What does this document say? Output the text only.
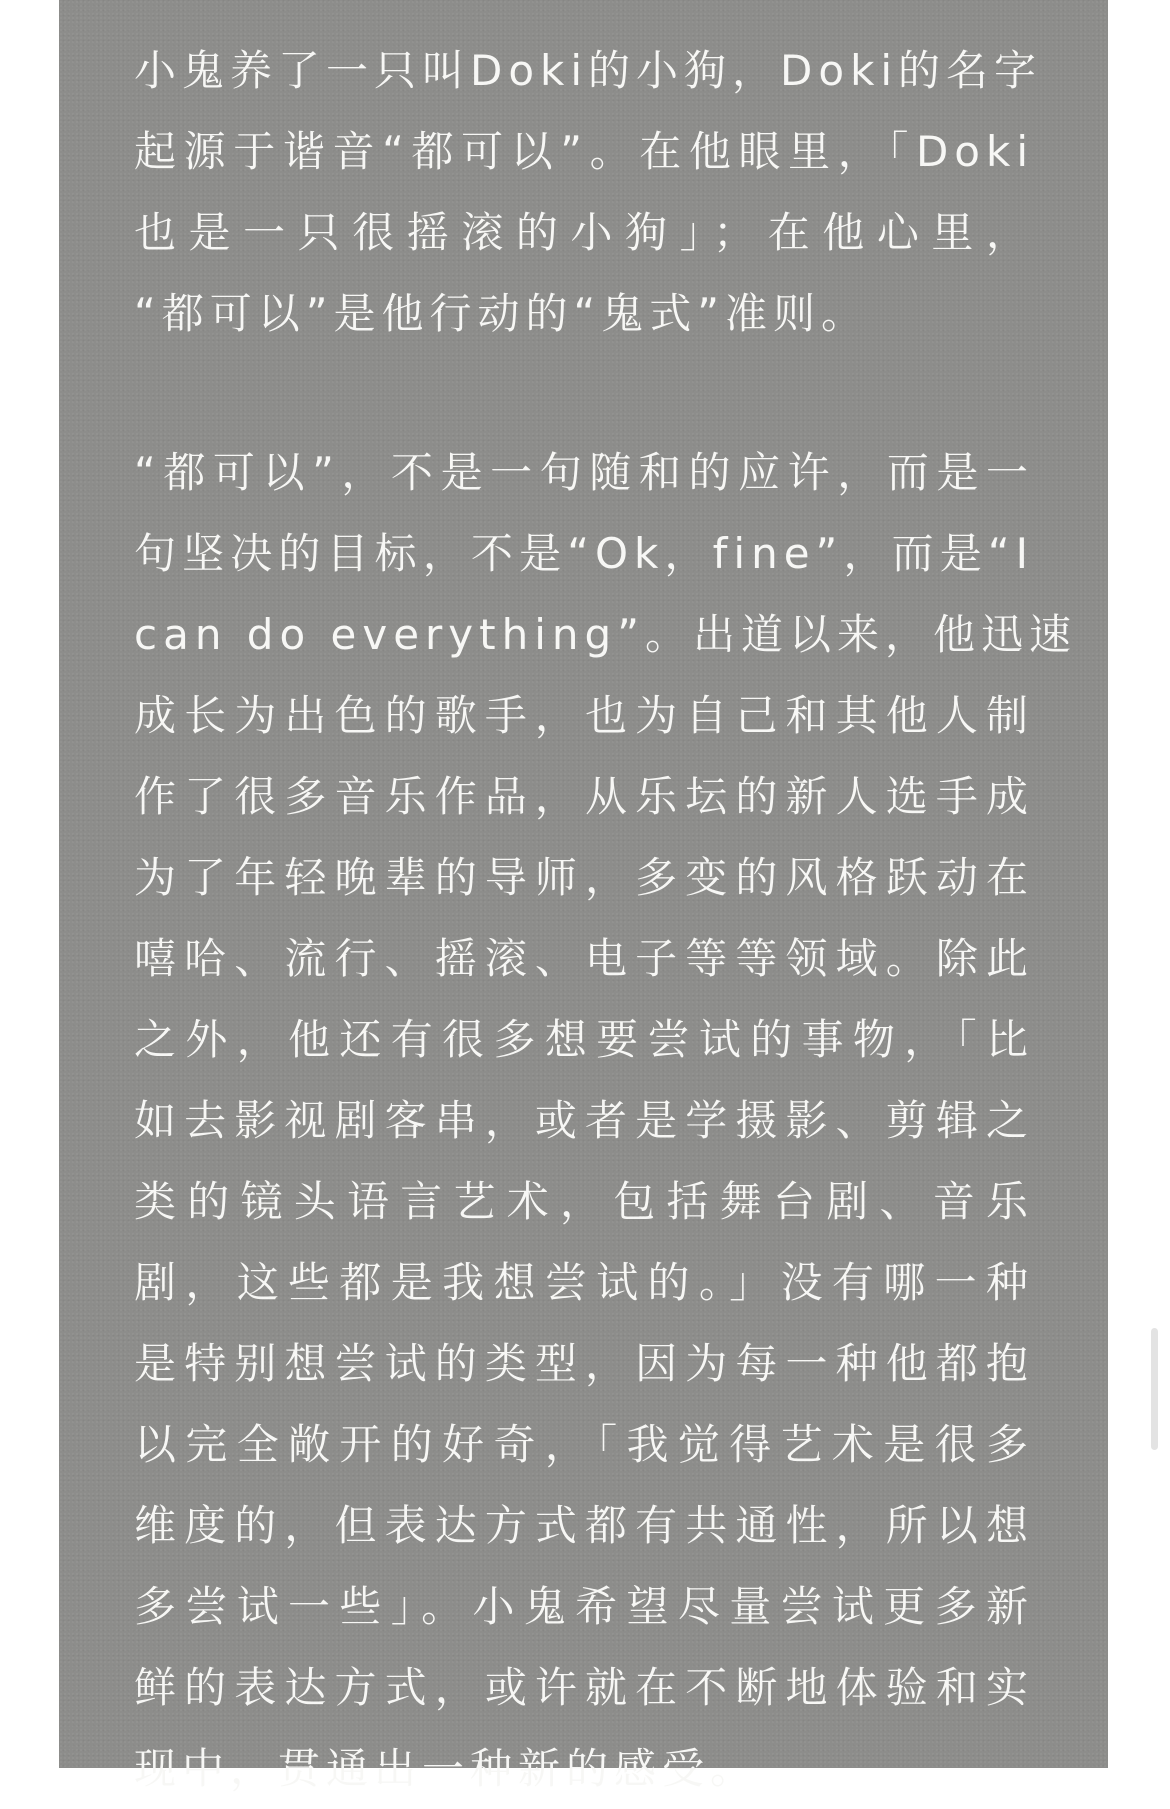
小鬼养了一只叫Doki的小狗，Doki的名字
起源于谐音“都可以”。在他眼里，「Doki
也是一只很摇滚的小狗」；在他心里，
“都可以”是他行动的“鬼式”准则。
“都可以”，不是一句随和的应许，而是一
句坚决的目标，不是“Ok，fine”，而是“I
can do everything”。出道以来，他迅速
成长为出色的歌手，也为自己和其他人制
作了很多音乐作品，从乐坛的新人选手成
为了年轻晚辈的导师，多变的风格跃动在
嘻哈、流行、摇滚、电子等等领域。除此
之外，他还有很多想要尝试的事物，「比
如去影视剧客串，或者是学摄影、剪辑之
类的镜头语言艺术，包括舞台剧、音乐
剧，这些都是我想尝试的。」没有哪一种
是特别想尝试的类型，因为每一种他都抱
以完全敞开的好奇，「我觉得艺术是很多
维度的，但表达方式都有共通性，所以想
多尝试一些」。小鬼希望尽量尝试更多新
鲜的表达方式，或许就在不断地体验和实
现中，贯通出一种新的感受。
